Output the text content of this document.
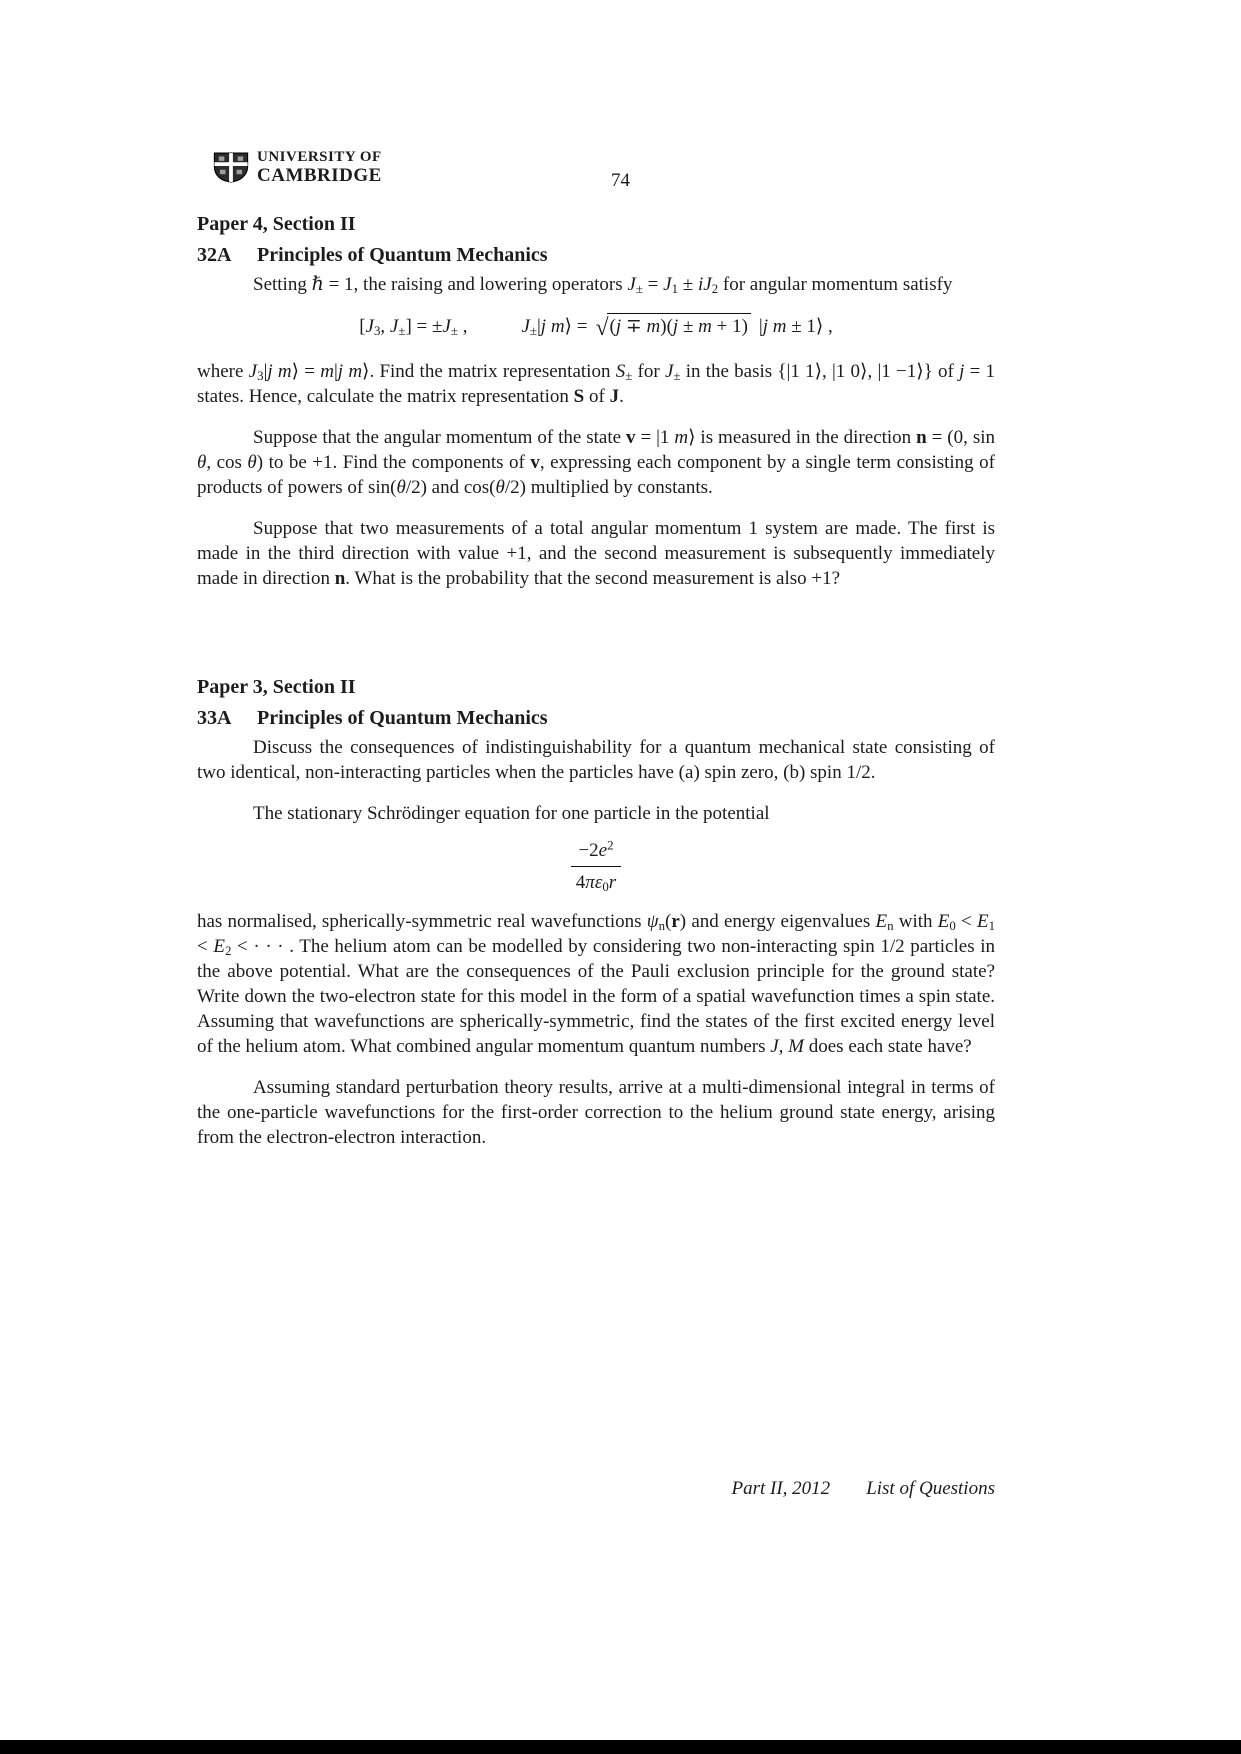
UNIVERSITY OF
CAMBRIDGE	74
Paper 4, Section II
32A	Principles of Quantum Mechanics

Setting ℏ = 1, the raising and lowering operators $J_\pm = J_1 \pm iJ_2$ for angular momentum satisfy

[$J_3$, $J_\pm] = \pm J_\pm$ ,	$J_\pm|j$ m⟩ = √(j ∓ m)(j ± m + 1) |j m ± 1⟩ ,

where $J_3|j$ m⟩ = m|j m⟩. Find the matrix representation $S_\pm$ for $J_\pm$ in the basis {|1 1⟩, |1 0⟩, |1 −1⟩} of j = 1 states. Hence, calculate the matrix representation S of J.

Suppose that the angular momentum of the state v = |1 m⟩ is measured in the direction n = (0, sin θ, cos θ) to be +1. Find the components of v, expressing each component by a single term consisting of products of powers of sin(θ/2) and cos(θ/2) multiplied by constants.

Suppose that two measurements of a total angular momentum 1 system are made. The first is made in the third direction with value +1, and the second measurement is subsequently immediately made in direction n. What is the probability that the second measurement is also +1?

Paper 3, Section II
33A	Principles of Quantum Mechanics

Discuss the consequences of indistinguishability for a quantum mechanical state consisting of two identical, non-interacting particles when the particles have (a) spin zero, (b) spin 1/2.

The stationary Schrödinger equation for one particle in the potential

$\frac{-2e^2}{4\pi\varepsilon_0r}$

has normalised, spherically-symmetric real wavefunctions $\psi_n(r)$ and energy eigenvalues $E_n$ with $E_0 < E_1 < E_2$ < · · · . The helium atom can be modelled by considering two non-interacting spin 1/2 particles in the above potential. What are the consequences of the Pauli exclusion principle for the ground state? Write down the two-electron state for this model in the form of a spatial wavefunction times a spin state. Assuming that wavefunctions are spherically-symmetric, find the states of the first excited energy level of the helium atom. What combined angular momentum quantum numbers J, M does each state have?

Assuming standard perturbation theory results, arrive at a multi-dimensional integral in terms of the one-particle wavefunctions for the first-order correction to the helium ground state energy, arising from the electron-electron interaction.

Part II, 2012 List of Questions
